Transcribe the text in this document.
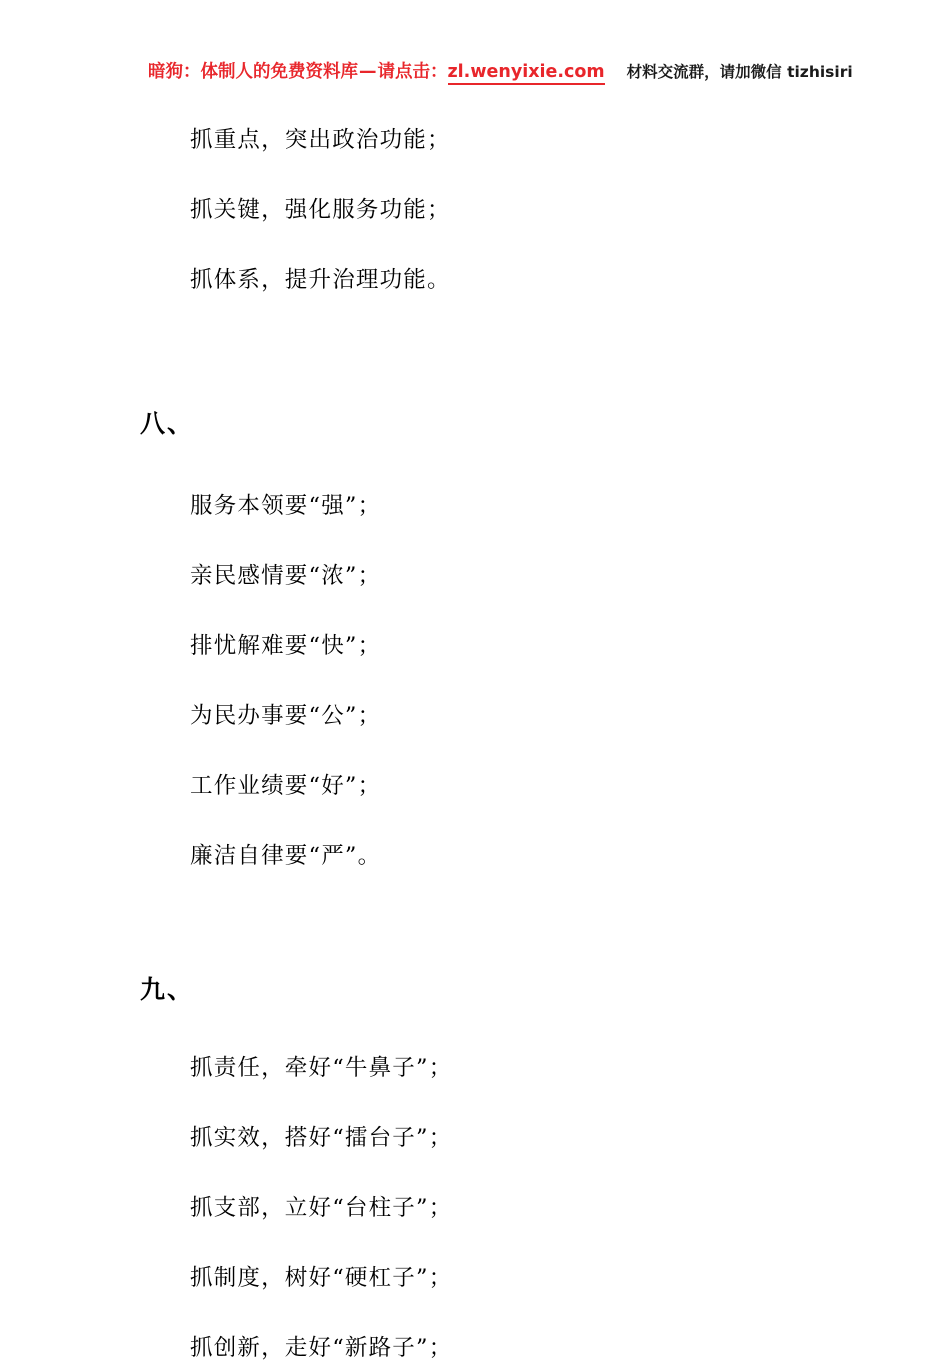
暗狗： 体制人的免费资料库 — 请点击： zl.wenyixie.com 材料交流群，请加微信 tizhisiri
抓重点，突出政治功能；
抓关键，强化服务功能；
抓体系，提升治理功能。
八、
服务本领要“强”；
亲民感情要“浓”；
排忧解难要“快”；
为民办事要“公”；
工作业绩要“好”；
廉洁自律要“严”。
九、
抓责任，牵好“牛鼻子”；
抓实效，搭好“擂台子”；
抓支部，立好“台柱子”；
抓制度，树好“硬杠子”；
抓创新，走好“新路子”；
